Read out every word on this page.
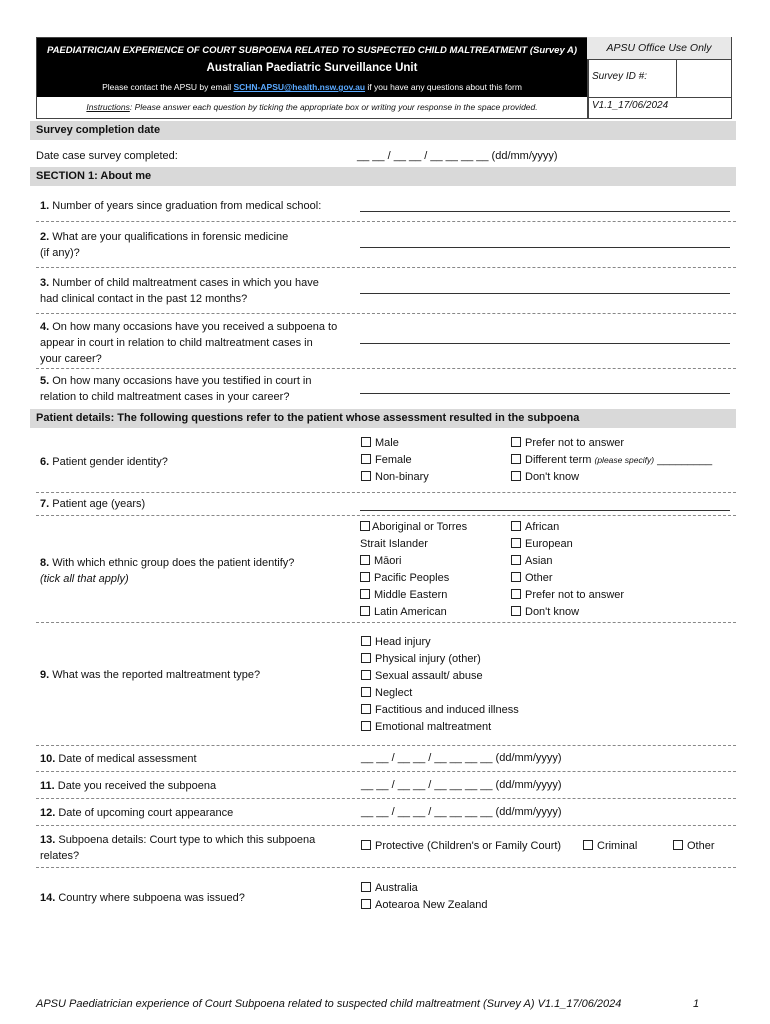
PAEDIATRICIAN EXPERIENCE OF COURT SUBPOENA RELATED TO SUSPECTED CHILD MALTREATMENT (Survey A)
Australian Paediatric Surveillance Unit
Please contact the APSU by email SCHN-APSU@health.nsw.gov.au if you have any questions about this form
Instructions: Please answer each question by ticking the appropriate box or writing your response in the space provided.
APSU Office Use Only
Survey ID #:
V1.1_17/06/2024
Survey completion date
Date case survey completed:	__ __ / __ __ / __ __ __ __ (dd/mm/yyyy)
SECTION 1: About me
1. Number of years since graduation from medical school:
2. What are your qualifications in forensic medicine
(if any)?
3. Number of child maltreatment cases in which you have
had clinical contact in the past 12 months?
4. On how many occasions have you received a subpoena to
appear in court in relation to child maltreatment cases in
your career?
5. On how many occasions have you testified in court in
relation to child maltreatment cases in your career?
Patient details: The following questions refer to the patient whose assessment resulted in the subpoena
6. Patient gender identity?
Male
Female
Non-binary
Prefer not to answer
Different term (please specify) _________
Don't know
7. Patient age (years)
8. With which ethnic group does the patient identify?
(tick all that apply)
Aboriginal or Torres
Strait Islander
Māori
Pacific Peoples
Middle Eastern
Latin American
African
European
Asian
Other
Prefer not to answer
Don't know
9. What was the reported maltreatment type?
Head injury
Physical injury (other)
Sexual assault/ abuse
Neglect
Factitious and induced illness
Emotional maltreatment
10. Date of medical assessment	__ __ / __ __ / __ __ __ __ (dd/mm/yyyy)
11. Date you received the subpoena	__ __ / __ __ / __ __ __ __ (dd/mm/yyyy)
12. Date of upcoming court appearance	__ __ / __ __ / __ __ __ __ (dd/mm/yyyy)
13. Subpoena details: Court type to which this subpoena
relates?
Protective (Children's or Family Court)	Criminal	Other
14. Country where subpoena was issued?
Australia
Aotearoa New Zealand
APSU Paediatrician experience of Court Subpoena related to suspected child maltreatment (Survey A) V1.1_17/06/2024	1
